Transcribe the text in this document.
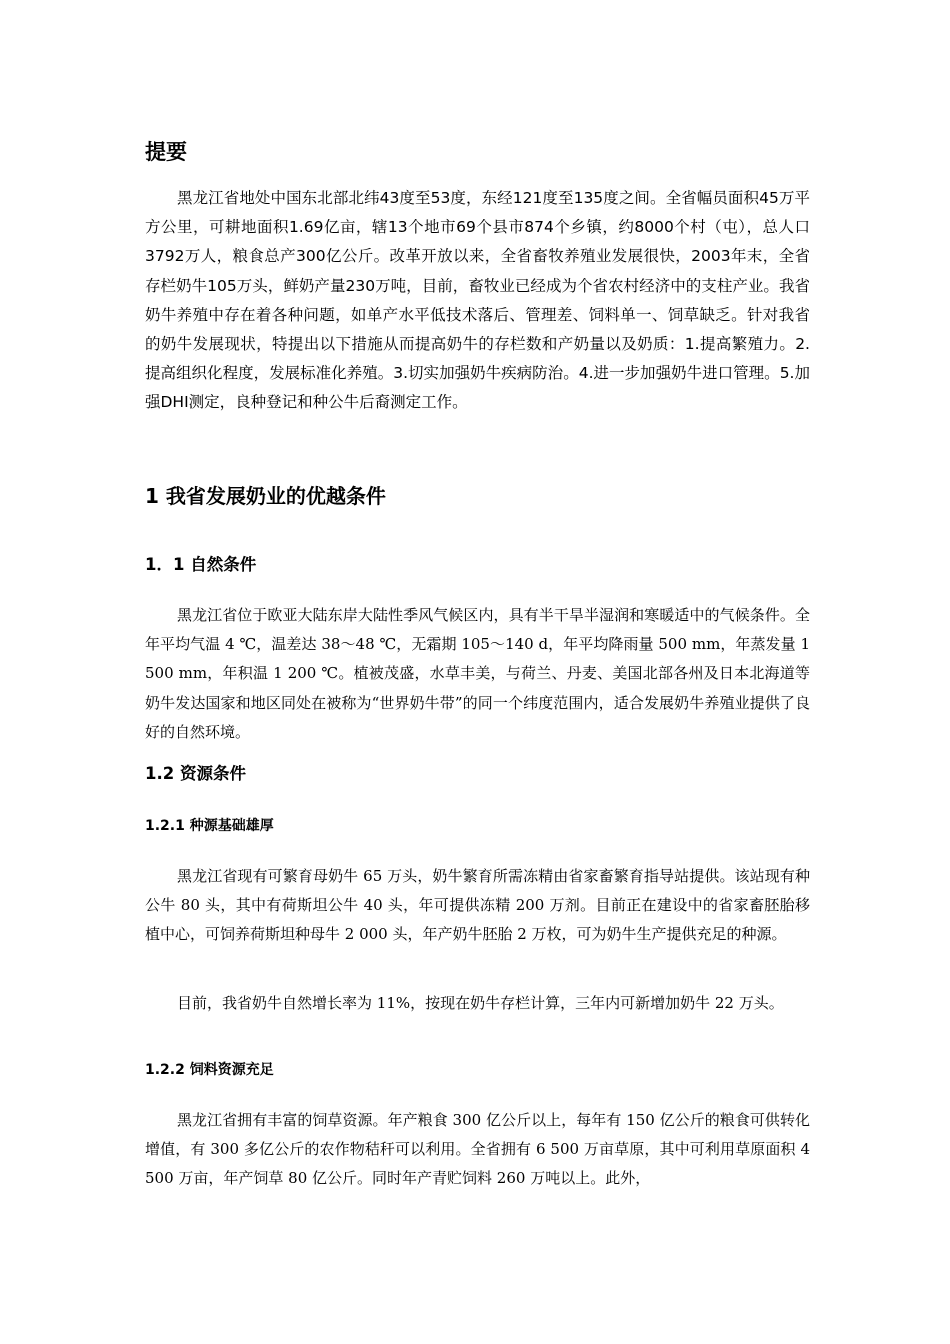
提要

黑龙江省地处中国东北部北纬43度至53度，东经121度至135度之间。全省幅员面积45万平方公里，可耕地面积1.69亿亩，辖13个地市69个县市874个乡镇，约8000个村（屯），总人口3792万人，粮食总产300亿公斤。改革开放以来，全省畜牧养殖业发展很快，2003年末，全省存栏奶牛105万头，鲜奶产量230万吨，目前，畜牧业已经成为个省农村经济中的支柱产业。我省奶牛养殖中存在着各种问题，如单产水平低技术落后、管理差、饲料单一、饲草缺乏。针对我省的奶牛发展现状，特提出以下措施从而提高奶牛的存栏数和产奶量以及奶质：1.提高繁殖力。2.提高组织化程度，发展标准化养殖。3.切实加强奶牛疾病防治。4.进一步加强奶牛进口管理。5.加强DHI测定，良种登记和种公牛后裔测定工作。

1 我省发展奶业的优越条件
1．1 自然条件

黑龙江省位于欧亚大陆东岸大陆性季风气候区内，具有半干旱半湿润和寒暖适中的气候条件。全年平均气温 4 ℃，温差达 38～48 ℃，无霜期 105～140 d，年平均降雨量 500 mm，年蒸发量 1 500 mm，年积温 1 200 ℃。植被茂盛，水草丰美，与荷兰、丹麦、美国北部各州及日本北海道等奶牛发达国家和地区同处在被称为“世界奶牛带”的同一个纬度范围内，适合发展奶牛养殖业提供了良好的自然环境。

1.2 资源条件
1.2.1 种源基础雄厚

黑龙江省现有可繁育母奶牛 65 万头，奶牛繁育所需冻精由省家畜繁育指导站提供。该站现有种公牛 80 头，其中有荷斯坦公牛 40 头，年可提供冻精 200 万剂。目前正在建设中的省家畜胚胎移植中心，可饲养荷斯坦种母牛 2 000 头，年产奶牛胚胎 2 万枚，可为奶牛生产提供充足的种源。

目前，我省奶牛自然增长率为 11%，按现在奶牛存栏计算，三年内可新增加奶牛 22 万头。

1.2.2 饲料资源充足

黑龙江省拥有丰富的饲草资源。年产粮食 300 亿公斤以上，每年有 150 亿公斤的粮食可供转化增值，有 300 多亿公斤的农作物秸秆可以利用。全省拥有 6 500 万亩草原，其中可利用草原面积 4 500 万亩，年产饲草 80 亿公斤。同时年产青贮饲料 260 万吨以上。此外，
